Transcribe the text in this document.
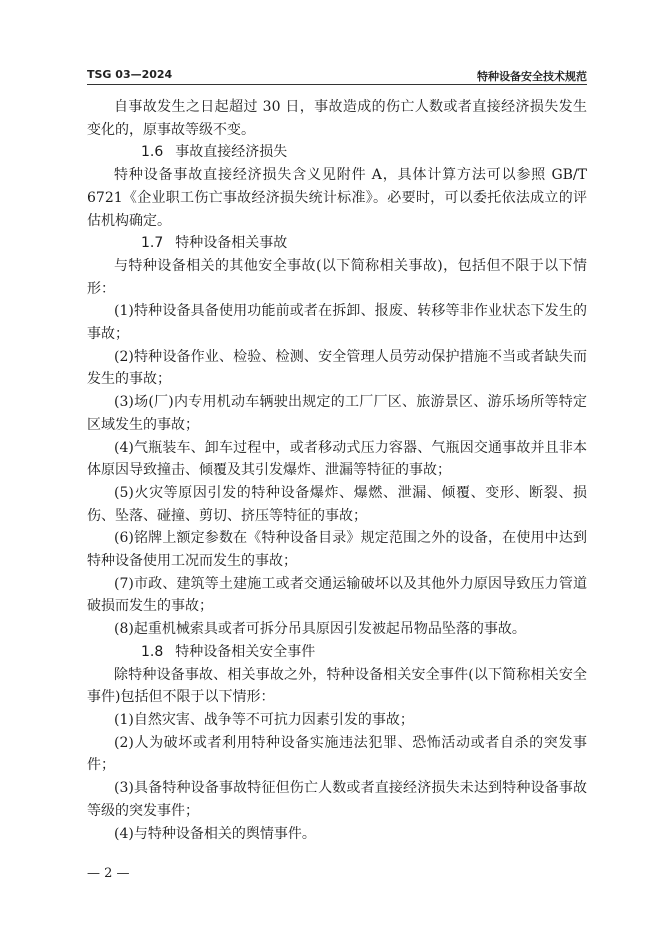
TSG 03—2024	特种设备安全技术规范

自事故发生之日起超过 30 日，事故造成的伤亡人数或者直接经济损失发生变化的，原事故等级不变。

1.6 事故直接经济损失

特种设备事故直接经济损失含义见附件 A，具体计算方法可以参照 GB/T 6721《企业职工伤亡事故经济损失统计标准》。必要时，可以委托依法成立的评估机构确定。

1.7 特种设备相关事故

与特种设备相关的其他安全事故(以下简称相关事故)，包括但不限于以下情形：

(1)特种设备具备使用功能前或者在拆卸、报废、转移等非作业状态下发生的事故；

(2)特种设备作业、检验、检测、安全管理人员劳动保护措施不当或者缺失而发生的事故；

(3)场(厂)内专用机动车辆驶出规定的工厂厂区、旅游景区、游乐场所等特定区域发生的事故；

(4)气瓶装车、卸车过程中，或者移动式压力容器、气瓶因交通事故并且非本体原因导致撞击、倾覆及其引发爆炸、泄漏等特征的事故；

(5)火灾等原因引发的特种设备爆炸、爆燃、泄漏、倾覆、变形、断裂、损伤、坠落、碰撞、剪切、挤压等特征的事故；

(6)铭牌上额定参数在《特种设备目录》规定范围之外的设备，在使用中达到特种设备使用工况而发生的事故；

(7)市政、建筑等土建施工或者交通运输破坏以及其他外力原因导致压力管道破损而发生的事故；

(8)起重机械索具或者可拆分吊具原因引发被起吊物品坠落的事故。

1.8 特种设备相关安全事件

除特种设备事故、相关事故之外，特种设备相关安全事件(以下简称相关安全事件)包括但不限于以下情形：

(1)自然灾害、战争等不可抗力因素引发的事故；

(2)人为破坏或者利用特种设备实施违法犯罪、恐怖活动或者自杀的突发事件；

(3)具备特种设备事故特征但伤亡人数或者直接经济损失未达到特种设备事故等级的突发事件；

(4)与特种设备相关的舆情事件。

— 2 —
